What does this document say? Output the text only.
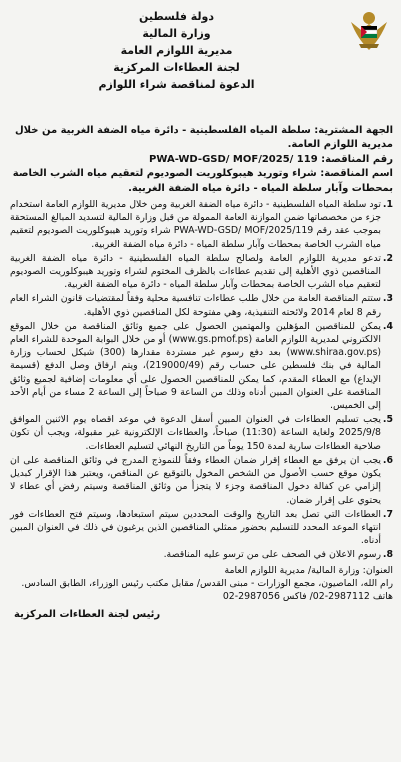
دولة فلسطين
وزارة المالية
مديرية اللوازم العامة
لجنة العطاءات المركزية
الدعوة لمناقصة شراء اللوازم

الجهة المشترية: سلطة المياه الفلسطينية - دائرة مياه الضفة الغربية من خلال مديرية اللوازم العامة.

رقم المناقصة: PWA-WD-GSD/ MOF/2025/ 119

اسم المناقصة: شراء وتوريد هيبوكلوريت الصوديوم لتعقيم مياه الشرب الخاصة بمحطات وآبار سلطة المياه - دائرة مياه الضفة الغربية.

1.
تود سلطة المياه الفلسطينية - دائرة مياه الضفة الغربية ومن خلال مديرية اللوازم العامة استخدام جزء من مخصصاتها ضمن الموازنة العامة الممولة من قبل وزارة المالية لتسديد المبالغ المستحقة بموجب عقد رقم PWA-WD-GSD/ MOF/2025/119 شراء وتوريد هيبوكلوريت الصوديوم لتعقيم مياه الشرب الخاصة بمحطات وآبار سلطة المياه - دائرة مياه الضفة الغربية.
2.
تدعو مديرية اللوازم العامة ولصالح سلطة المياه الفلسطينية - دائرة مياه الضفة الغربية المناقصين ذوي الأهلية إلى تقديم عطاءات بالظرف المختوم لشراء وتوريد هيبوكلوريت الصوديوم لتعقيم مياه الشرب الخاصة بمحطات وآبار سلطة المياه - دائرة مياه الضفة الغربية.
3.
ستتم المناقصة العامة من خلال طلب عطاءات تنافسية محلية وفقاً لمقتضيات قانون الشراء العام رقم 8 لعام 2014 ولائحته التنفيذية، وهي مفتوحة لكل المناقصين ذوي الأهلية.
4.
يمكن للمناقصين المؤهلين والمهتمين الحصول على جميع وثائق المناقصة من خلال الموقع الالكتروني لمديرية اللوازم العامة (www.gs.pmof.ps) أو من خلال البوابة الموحدة للشراء العام (www.shiraa.gov.ps) بعد دفع رسوم غير مستردة مقدارها (300) شيكل لحساب وزارة المالية في بنك فلسطين على حساب رقم (219000/49)، ويتم ارفاق وصل الدفع (قسيمة الإيداع) مع العطاء المقدم، كما يمكن للمناقصين الحصول على أي معلومات إضافية لجميع وثائق المناقصة على العنوان المبين أدناه وذلك من الساعة 9 صباحاً إلى الساعة 2 مساء من أيام الأحد إلى الخميس.
5.
يجب تسليم العطاءات في العنوان المبين أسفل الدعوة في موعد اقصاه يوم الاثنين الموافق 2025/9/8 ولغاية الساعة (11:30) صباحاً، والعطاءات الإلكترونية غير مقبولة، ويجب أن تكون صلاحية العطاءات سارية لمدة 150 يوماً من التاريخ النهائي لتسليم العطاءات.
6.
يجب ان يرفق مع العطاء إقرار ضمان العطاء وفقاً للنموذج المدرج في وثائق المناقصة على ان يكون موقع حسب الأصول من الشخص المخول بالتوقيع عن المناقص، ويعتبر هذا الإقرار كبديل إلزامي عن كفالة دخول المناقصة وجزء لا يتجزأ من وثائق المناقصة وسيتم رفض أي عطاء لا يحتوي على إقرار ضمان.
7.
العطاءات التي تصل بعد التاريخ والوقت المحددين سيتم استبعادها، وسيتم فتح العطاءات فور انتهاء الموعد المحدد للتسليم بحضور ممثلي المناقصين الذين يرغبون في ذلك في العنوان المبين أدناه.
8.
رسوم الاعلان في الصحف على من ترسو عليه المناقصة.

العنوان: وزارة المالية/ مديرية اللوازم العامة

رام الله، الماصيون، مجمع الوزارات - مبنى القدس/ مقابل مكتب رئيس الوزراء، الطابق السادس.

هاتف 2987112-02/ فاكس 2987056-02

رئيس لجنة العطاءات المركزية
